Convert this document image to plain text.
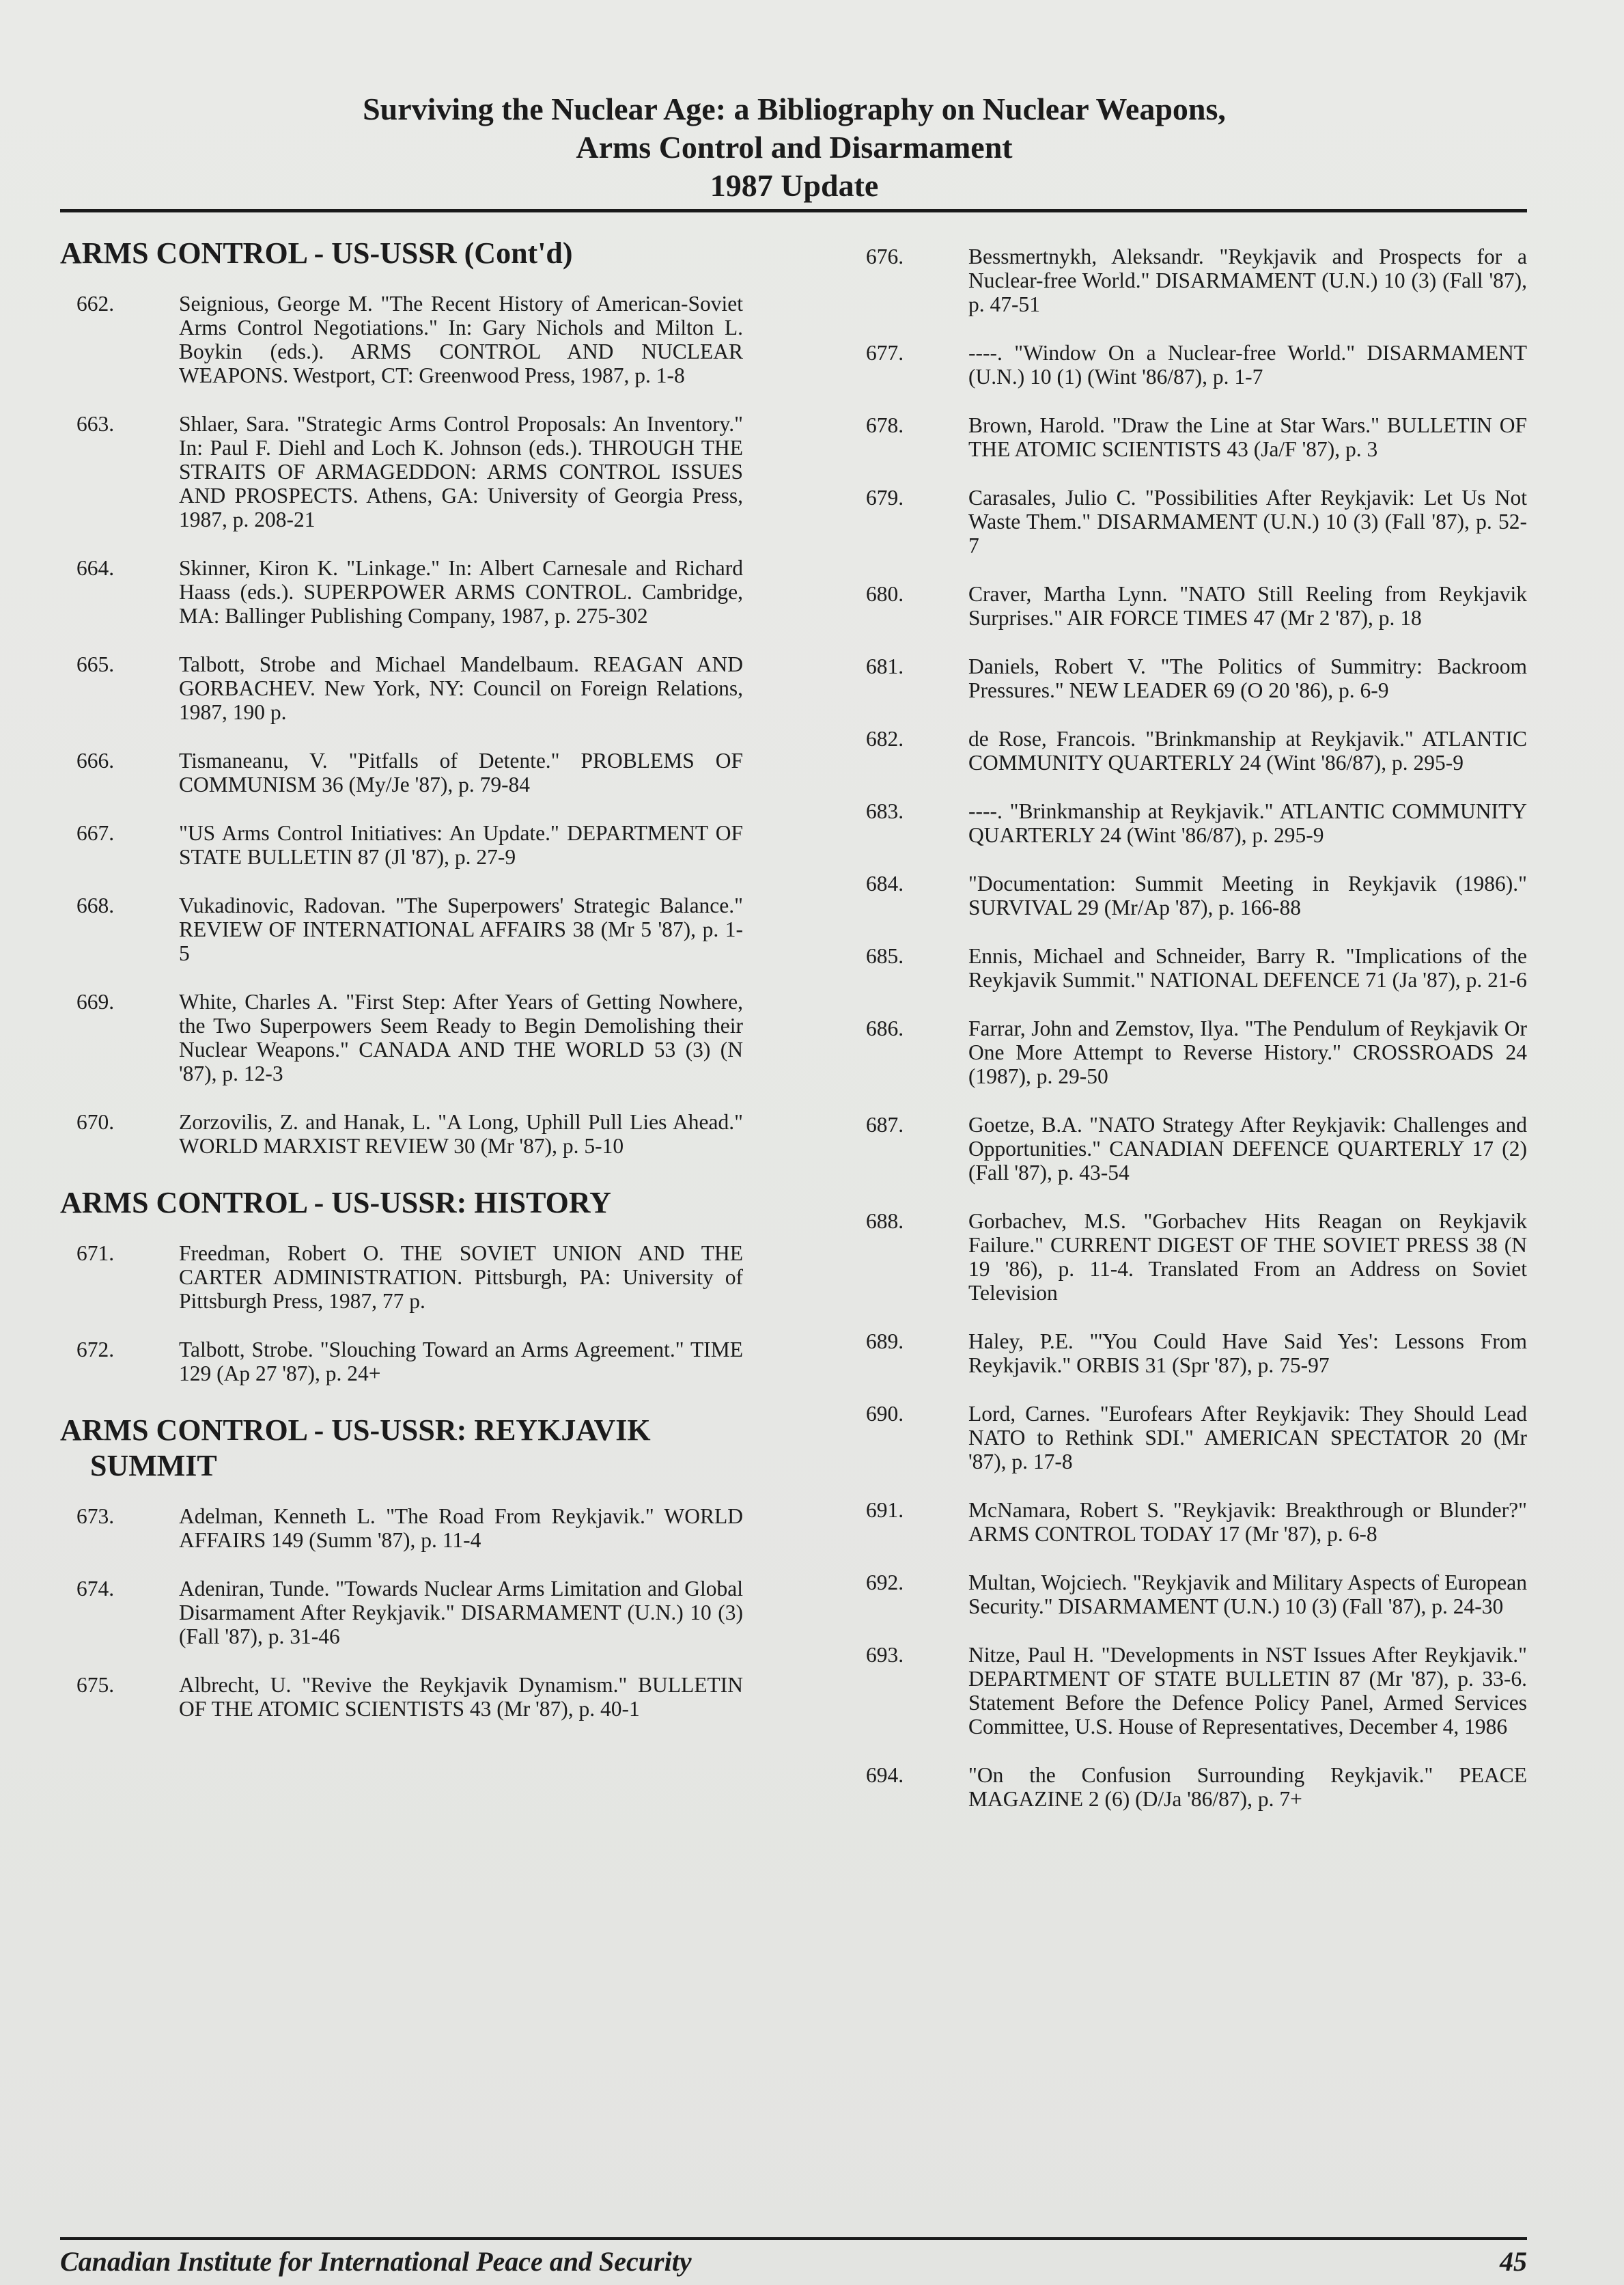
Surviving the Nuclear Age: a Bibliography on Nuclear Weapons,
Arms Control and Disarmament
1987 Update
ARMS CONTROL - US-USSR (Cont'd)
662.	Seignious, George M. "The Recent History of American-Soviet Arms Control Negotiations." In: Gary Nichols and Milton L. Boykin (eds.). ARMS CONTROL AND NUCLEAR WEAPONS. Westport, CT: Greenwood Press, 1987, p. 1-8
663.	Shlaer, Sara. "Strategic Arms Control Proposals: An Inventory." In: Paul F. Diehl and Loch K. Johnson (eds.). THROUGH THE STRAITS OF ARMAGEDDON: ARMS CONTROL ISSUES AND PROSPECTS. Athens, GA: University of Georgia Press, 1987, p. 208-21
664.	Skinner, Kiron K. "Linkage." In: Albert Carnesale and Richard Haass (eds.). SUPERPOWER ARMS CONTROL. Cambridge, MA: Ballinger Publishing Company, 1987, p. 275-302
665.	Talbott, Strobe and Michael Mandelbaum. REAGAN AND GORBACHEV. New York, NY: Council on Foreign Relations, 1987, 190 p.
666.	Tismaneanu, V. "Pitfalls of Detente." PROBLEMS OF COMMUNISM 36 (My/Je '87), p. 79-84
667.	"US Arms Control Initiatives: An Update." DEPARTMENT OF STATE BULLETIN 87 (Jl '87), p. 27-9
668.	Vukadinovic, Radovan. "The Superpowers' Strategic Balance." REVIEW OF INTERNATIONAL AFFAIRS 38 (Mr 5 '87), p. 1-5
669.	White, Charles A. "First Step: After Years of Getting Nowhere, the Two Superpowers Seem Ready to Begin Demolishing their Nuclear Weapons." CANADA AND THE WORLD 53 (3) (N '87), p. 12-3
670.	Zorzovilis, Z. and Hanak, L. "A Long, Uphill Pull Lies Ahead." WORLD MARXIST REVIEW 30 (Mr '87), p. 5-10
ARMS CONTROL - US-USSR: HISTORY
671.	Freedman, Robert O. THE SOVIET UNION AND THE CARTER ADMINISTRATION. Pittsburgh, PA: University of Pittsburgh Press, 1987, 77 p.
672.	Talbott, Strobe. "Slouching Toward an Arms Agreement." TIME 129 (Ap 27 '87), p. 24+
ARMS CONTROL - US-USSR: REYKJAVIK SUMMIT
673.	Adelman, Kenneth L. "The Road From Reykjavik." WORLD AFFAIRS 149 (Summ '87), p. 11-4
674.	Adeniran, Tunde. "Towards Nuclear Arms Limitation and Global Disarmament After Reykjavik." DISARMAMENT (U.N.) 10 (3) (Fall '87), p. 31-46
675.	Albrecht, U. "Revive the Reykjavik Dynamism." BULLETIN OF THE ATOMIC SCIENTISTS 43 (Mr '87), p. 40-1
676.	Bessmertnykh, Aleksandr. "Reykjavik and Prospects for a Nuclear-free World." DISARMAMENT (U.N.) 10 (3) (Fall '87), p. 47-51
677.	----. "Window On a Nuclear-free World." DISARMAMENT (U.N.) 10 (1) (Wint '86/87), p. 1-7
678.	Brown, Harold. "Draw the Line at Star Wars." BULLETIN OF THE ATOMIC SCIENTISTS 43 (Ja/F '87), p. 3
679.	Carasales, Julio C. "Possibilities After Reykjavik: Let Us Not Waste Them." DISARMAMENT (U.N.) 10 (3) (Fall '87), p. 52-7
680.	Craver, Martha Lynn. "NATO Still Reeling from Reykjavik Surprises." AIR FORCE TIMES 47 (Mr 2 '87), p. 18
681.	Daniels, Robert V. "The Politics of Summitry: Backroom Pressures." NEW LEADER 69 (O 20 '86), p. 6-9
682.	de Rose, Francois. "Brinkmanship at Reykjavik." ATLANTIC COMMUNITY QUARTERLY 24 (Wint '86/87), p. 295-9
683.	----. "Brinkmanship at Reykjavik." ATLANTIC COMMUNITY QUARTERLY 24 (Wint '86/87), p. 295-9
684.	"Documentation: Summit Meeting in Reykjavik (1986)." SURVIVAL 29 (Mr/Ap '87), p. 166-88
685.	Ennis, Michael and Schneider, Barry R. "Implications of the Reykjavik Summit." NATIONAL DEFENCE 71 (Ja '87), p. 21-6
686.	Farrar, John and Zemstov, Ilya. "The Pendulum of Reykjavik Or One More Attempt to Reverse History." CROSSROADS 24 (1987), p. 29-50
687.	Goetze, B.A. "NATO Strategy After Reykjavik: Challenges and Opportunities." CANADIAN DEFENCE QUARTERLY 17 (2) (Fall '87), p. 43-54
688.	Gorbachev, M.S. "Gorbachev Hits Reagan on Reykjavik Failure." CURRENT DIGEST OF THE SOVIET PRESS 38 (N 19 '86), p. 11-4. Translated From an Address on Soviet Television
689.	Haley, P.E. "'You Could Have Said Yes': Lessons From Reykjavik." ORBIS 31 (Spr '87), p. 75-97
690.	Lord, Carnes. "Eurofears After Reykjavik: They Should Lead NATO to Rethink SDI." AMERICAN SPECTATOR 20 (Mr '87), p. 17-8
691.	McNamara, Robert S. "Reykjavik: Breakthrough or Blunder?" ARMS CONTROL TODAY 17 (Mr '87), p. 6-8
692.	Multan, Wojciech. "Reykjavik and Military Aspects of European Security." DISARMAMENT (U.N.) 10 (3) (Fall '87), p. 24-30
693.	Nitze, Paul H. "Developments in NST Issues After Reykjavik." DEPARTMENT OF STATE BULLETIN 87 (Mr '87), p. 33-6. Statement Before the Defence Policy Panel, Armed Services Committee, U.S. House of Representatives, December 4, 1986
694.	"On the Confusion Surrounding Reykjavik." PEACE MAGAZINE 2 (6) (D/Ja '86/87), p. 7+
Canadian Institute for International Peace and Security	45
